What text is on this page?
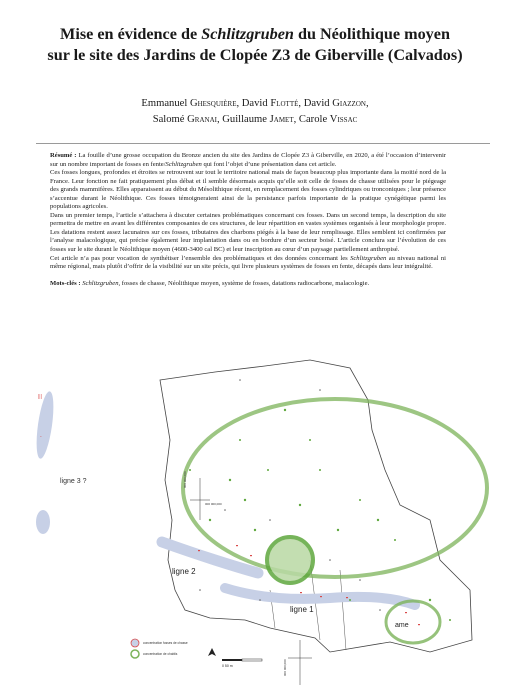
Mise en évidence de Schlitzgruben du Néolithique moyen
sur le site des Jardins de Clopée Z3 de Giberville (Calvados)
Emmanuel Ghesquière, David Flotté, David Giazzon,
Salomé Granai, Guillaume Jamet, Carole Vissac

Résumé : La fouille d’une grosse occupation du Bronze ancien du site des Jardins de Clopée Z3 à Giberville, en 2020, a été l’occasion d’intervenir sur un nombre important de fosses en fente/Schlitzgruben qui font l’objet d’une présentation dans cet article.

Ces fosses longues, profondes et étroites se retrouvent sur tout le territoire national mais de façon beaucoup plus importante dans la moitié nord de la France. Leur fonction ne fait pratiquement plus débat et il semble désormais acquis qu’elle soit celle de fosses de chasse utilisées pour le piégeage des grands mammifères. Elles apparaissent au début du Mésolithique récent, en remplacement des fosses cylindriques ou tronconiques ; leur présence s’accentue durant le Néolithique. Ces fosses témoigneraient ainsi de la persistance parfois importante de la pratique cynégétique parmi les populations agricoles.

Dans un premier temps, l’article s’attachera à discuter certaines problématiques concernant ces fosses. Dans un second temps, la description du site permettra de mettre en avant les différentes composantes de ces structures, de leur répartition en vastes systèmes organisés à leur morphologie propre. Les datations restent assez lacunaires sur ces fosses, tributaires des charbons piégés à la base de leur remplissage. Elles semblent ici confirmées par l’analyse malacologique, qui précise également leur implantation dans ou en bordure d’un secteur boisé. L’article conclura sur l’évolution de ces fosses sur le site durant le Néolithique moyen (4600-3400 cal BC) et leur inscription au cœur d’un paysage partiellement anthropisé.

Cet article n’a pas pour vocation de synthétiser l’ensemble des problématiques et des données concernant les Schlitzgruben au niveau national ni même régional, mais plutôt d’offrir de la visibilité sur un site précis, qui livre plusieurs systèmes de fosses en fente, décapés dans leur intégralité.

Mots-clés : Schlitzgruben, fosses de chasse, Néolithique moyen, système de fosses, datations radiocarbone, malacologie.

|||
-
ligne 3 ?	000 000,000
000 000,000
000 000,000
ligne 2
ligne 1
ame
concentration fosses de chasse
concentration de chablis
0 50 m
